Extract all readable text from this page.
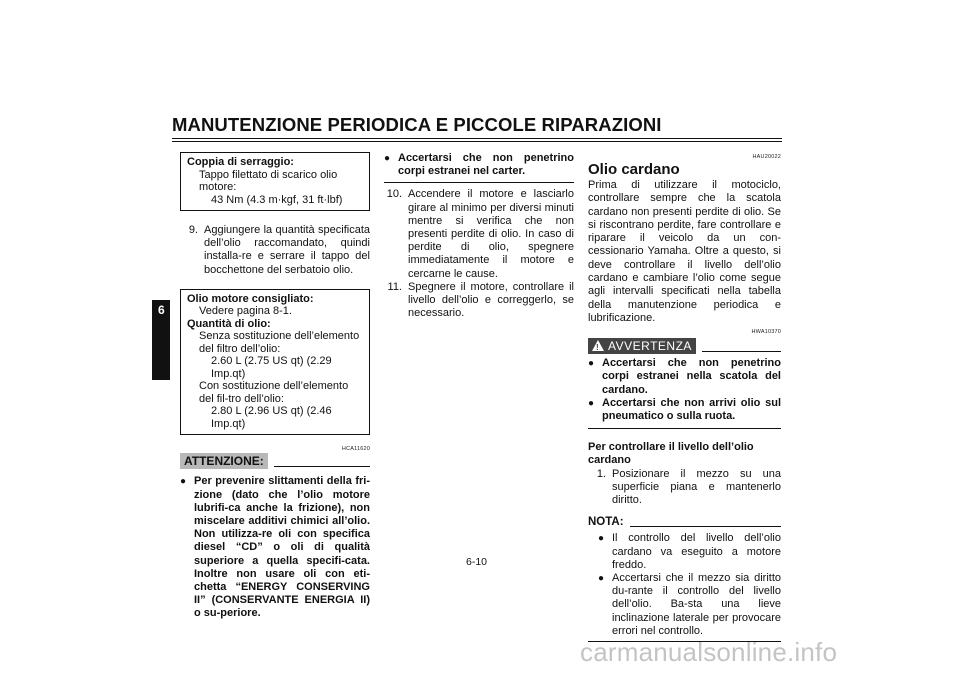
MANUTENZIONE PERIODICA E PICCOLE RIPARAZIONI
6
Coppia di serraggio:
Tappo filettato di scarico olio motore:
43 Nm (4.3 m·kgf, 31 ft·lbf)
9. Aggiungere la quantità specificata dell’olio raccomandato, quindi installa-re e serrare il tappo del bocchettone del serbatoio olio.
Olio motore consigliato:
Vedere pagina 8-1.
Quantità di olio:
Senza sostituzione dell’elemento del filtro dell’olio:
2.60 L (2.75 US qt) (2.29 Imp.qt)
Con sostituzione dell’elemento del fil-tro dell’olio:
2.80 L (2.96 US qt) (2.46 Imp.qt)
HCA11620
ATTENZIONE:
● Per prevenire slittamenti della fri-zione (dato che l’olio motore lubrifi-ca anche la frizione), non miscelare additivi chimici all’olio. Non utilizza-re oli con specifica diesel “CD” o oli di qualità superiore a quella specifi-cata. Inoltre non usare oli con eti-chetta “ENERGY CONSERVING II” (CONSERVANTE ENERGIA II) o su-periore.
● Accertarsi che non penetrino corpi estranei nel carter.
10. Accendere il motore e lasciarlo girare al minimo per diversi minuti mentre si verifica che non presenti perdite di olio. In caso di perdite di olio, spegnere immediatamente il motore e cercarne le cause.
11. Spegnere il motore, controllare il livello dell’olio e correggerlo, se necessario.
HAU20022
Olio cardano
Prima di utilizzare il motociclo, controllare sempre che la scatola cardano non presenti perdite di olio. Se si riscontrano perdite, fare controllare e riparare il veicolo da un con-cessionario Yamaha. Oltre a questo, si deve controllare il livello dell’olio cardano e cambiare l’olio come segue agli intervalli specificati nella tabella della manutenzione periodica e lubrificazione.
HWA10370
! AVVERTENZA
● Accertarsi che non penetrino corpi estranei nella scatola del cardano.
● Accertarsi che non arrivi olio sul pneumatico o sulla ruota.
Per controllare il livello dell’olio cardano
1. Posizionare il mezzo su una superficie piana e mantenerlo diritto.
NOTA:
● Il controllo del livello dell’olio cardano va eseguito a motore freddo.
● Accertarsi che il mezzo sia diritto du-rante il controllo del livello dell’olio. Ba-sta una lieve inclinazione laterale per provocare errori nel controllo.
6-10
carmanualsonline.info
